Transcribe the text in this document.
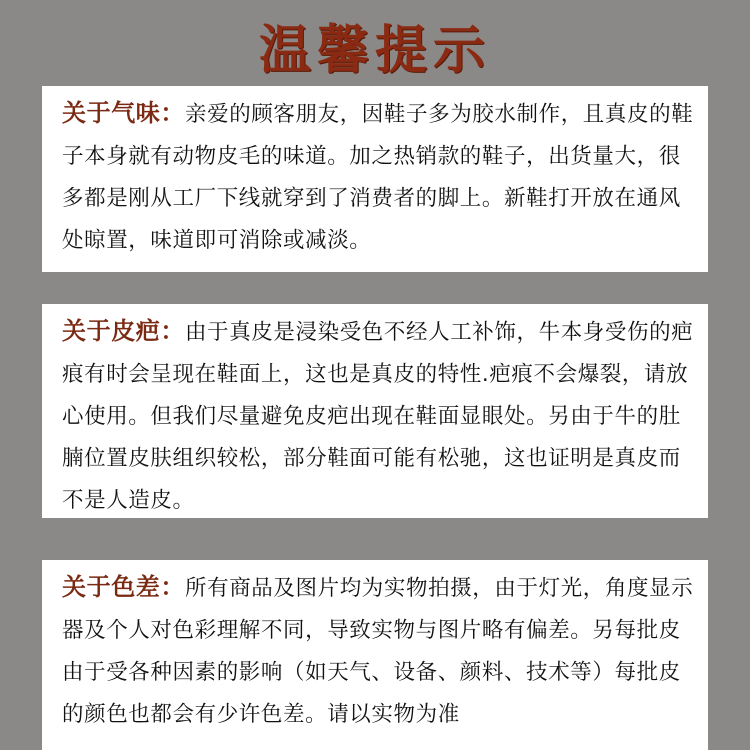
温馨提示

关于气味：亲爱的顾客朋友，因鞋子多为胶水制作，且真皮的鞋子本身就有动物皮毛的味道。加之热销款的鞋子，出货量大，很多都是刚从工厂下线就穿到了消费者的脚上。新鞋打开放在通风处晾置，味道即可消除或减淡。

关于皮疤：由于真皮是浸染受色不经人工补饰，牛本身受伤的疤痕有时会呈现在鞋面上，这也是真皮的特性.疤痕不会爆裂，请放心使用。但我们尽量避免皮疤出现在鞋面显眼处。另由于牛的肚腩位置皮肤组织较松，部分鞋面可能有松驰，这也证明是真皮而不是人造皮。

关于色差：所有商品及图片均为实物拍摄，由于灯光，角度显示器及个人对色彩理解不同，导致实物与图片略有偏差。另每批皮由于受各种因素的影响（如天气、设备、颜料、技术等）每批皮的颜色也都会有少许色差。请以实物为准
